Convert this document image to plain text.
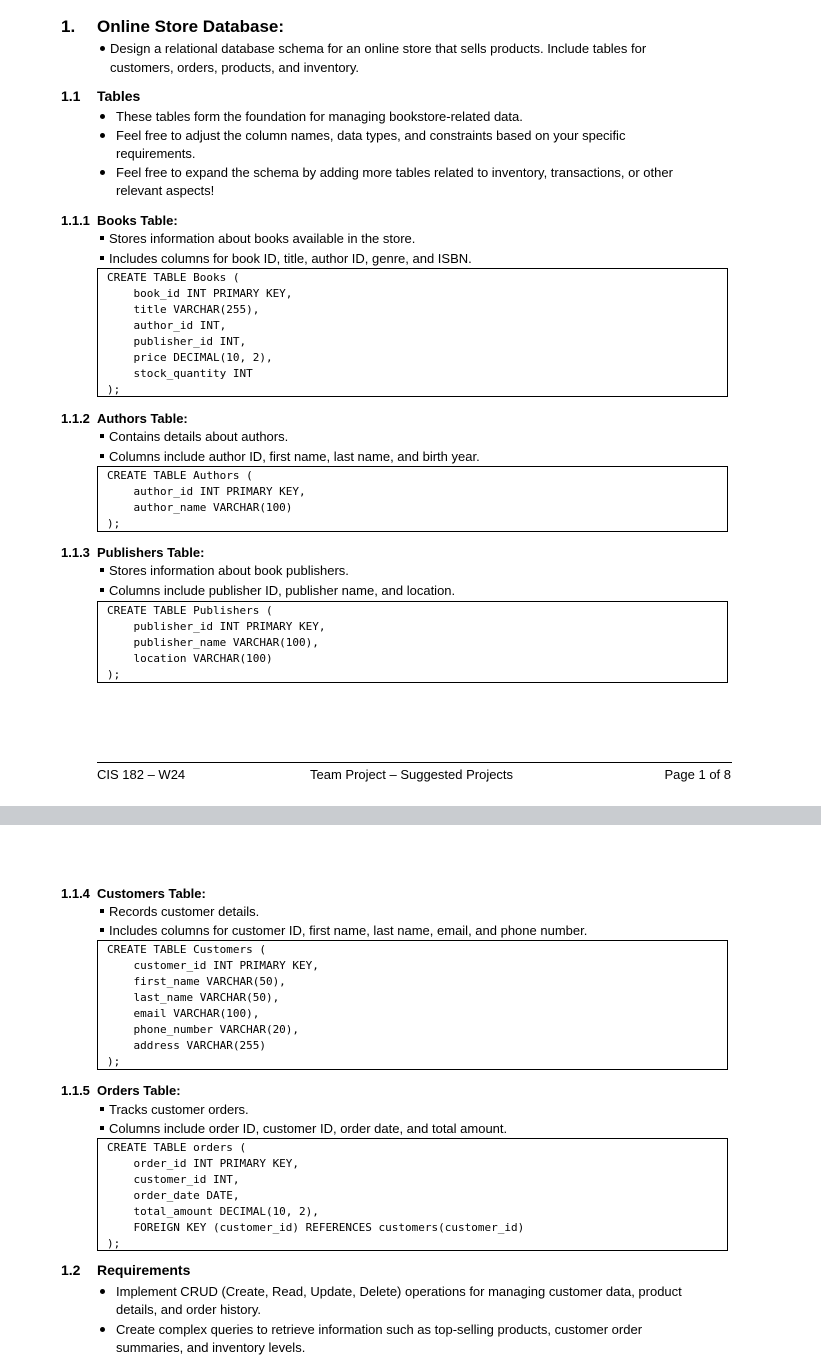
1. Online Store Database:
Design a relational database schema for an online store that sells products. Include tables for
customers, orders, products, and inventory.
1.1 Tables
These tables form the foundation for managing bookstore-related data.
Feel free to adjust the column names, data types, and constraints based on your specific
requirements.
Feel free to expand the schema by adding more tables related to inventory, transactions, or other
relevant aspects!
1.1.1 Books Table:
Stores information about books available in the store.
Includes columns for book ID, title, author ID, genre, and ISBN.
CREATE TABLE Books (
book_id INT PRIMARY KEY,
title VARCHAR(255),
author_id INT,
publisher_id INT,
price DECIMAL(10, 2),
stock_quantity INT
);
1.1.2 Authors Table:
Contains details about authors.
Columns include author ID, first name, last name, and birth year.
CREATE TABLE Authors (
author_id INT PRIMARY KEY,
author_name VARCHAR(100)
);
1.1.3 Publishers Table:
Stores information about book publishers.
Columns include publisher ID, publisher name, and location.
CREATE TABLE Publishers (
publisher_id INT PRIMARY KEY,
publisher_name VARCHAR(100),
location VARCHAR(100)
);
CIS 182 – W24	Team Project – Suggested Projects	Page 1 of 8
1.1.4 Customers Table:
Records customer details.
Includes columns for customer ID, first name, last name, email, and phone number.
CREATE TABLE Customers (
customer_id INT PRIMARY KEY,
first_name VARCHAR(50),
last_name VARCHAR(50),
email VARCHAR(100),
phone_number VARCHAR(20),
address VARCHAR(255)
);
1.1.5 Orders Table:
Tracks customer orders.
Columns include order ID, customer ID, order date, and total amount.
CREATE TABLE orders (
order_id INT PRIMARY KEY,
customer_id INT,
order_date DATE,
total_amount DECIMAL(10, 2),
FOREIGN KEY (customer_id) REFERENCES customers(customer_id)
);
1.2 Requirements
Implement CRUD (Create, Read, Update, Delete) operations for managing customer data, product
details, and order history.
Create complex queries to retrieve information such as top-selling products, customer order
summaries, and inventory levels.
